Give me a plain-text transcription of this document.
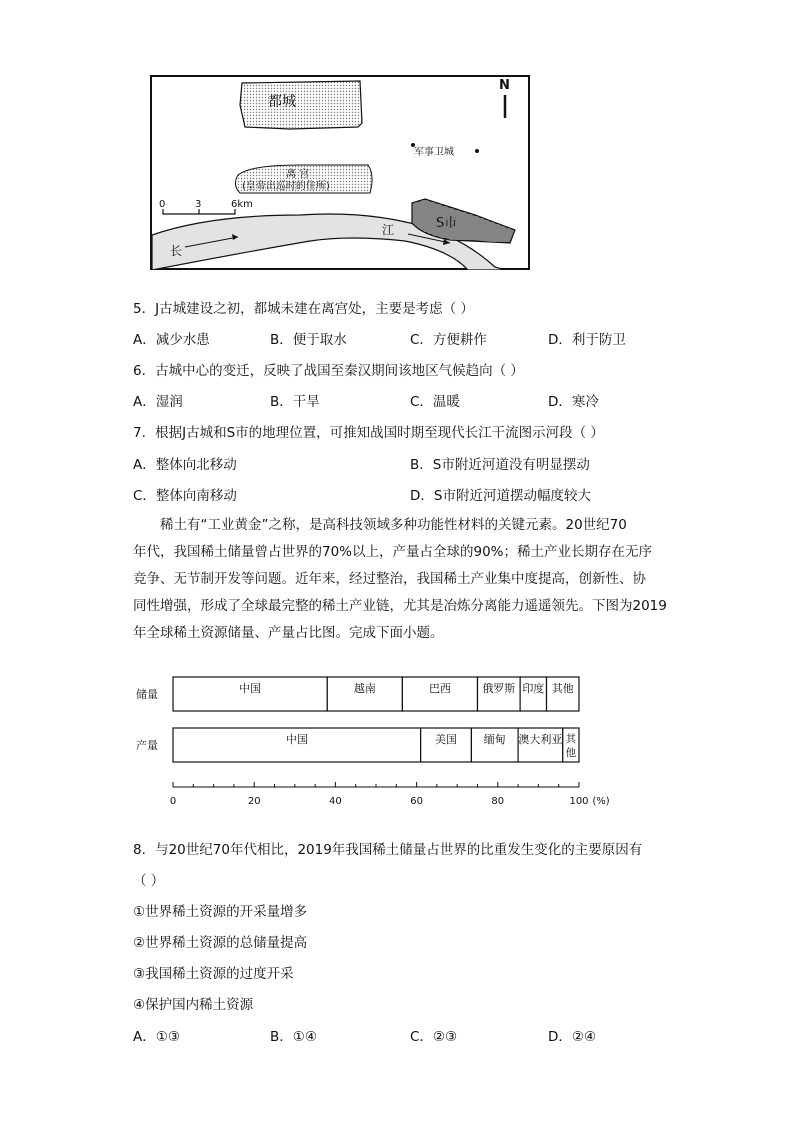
都城
N
军事卫城
离 宫
(皇帝出巡时的住所)
0	3	6km
长
江	S市
5．J古城建设之初，都城未建在离宫处，主要是考虑（ ）
A．减少水患	B．便于取水	C．方便耕作	D．利于防卫
6．古城中心的变迁，反映了战国至秦汉期间该地区气候趋向（ ）
A．湿润	B．干旱	C．温暖	D．寒冷
7．根据J古城和S市的地理位置，可推知战国时期至现代长江干流图示河段（ ）
A．整体向北移动	B．S市附近河道没有明显摆动
C．整体向南移动	D．S市附近河道摆动幅度较大
稀土有“工业黄金”之称，是高科技领域多种功能性材料的关键元素。20世纪70
年代，我国稀土储量曾占世界的70%以上，产量占全球的90%；稀土产业长期存在无序
竞争、无节制开发等问题。近年来，经过整治，我国稀土产业集中度提高，创新性、协
同性增强，形成了全球最完整的稀土产业链，尤其是冶炼分离能力遥遥领先。下图为2019
年全球稀土资源储量、产量占比图。完成下面小题。
储量	中国	越南	巴西	俄罗斯 印度 其他
产量	中国	美国 缅甸 澳大利亚 其
他
0	20	40	60	80	100 (%)
8．与20世纪70年代相比，2019年我国稀土储量占世界的比重发生变化的主要原因有
（ ）
①世界稀土资源的开采量增多
②世界稀土资源的总储量提高
③我国稀土资源的过度开采
④保护国内稀土资源
A．①③	B．①④	C．②③	D．②④
